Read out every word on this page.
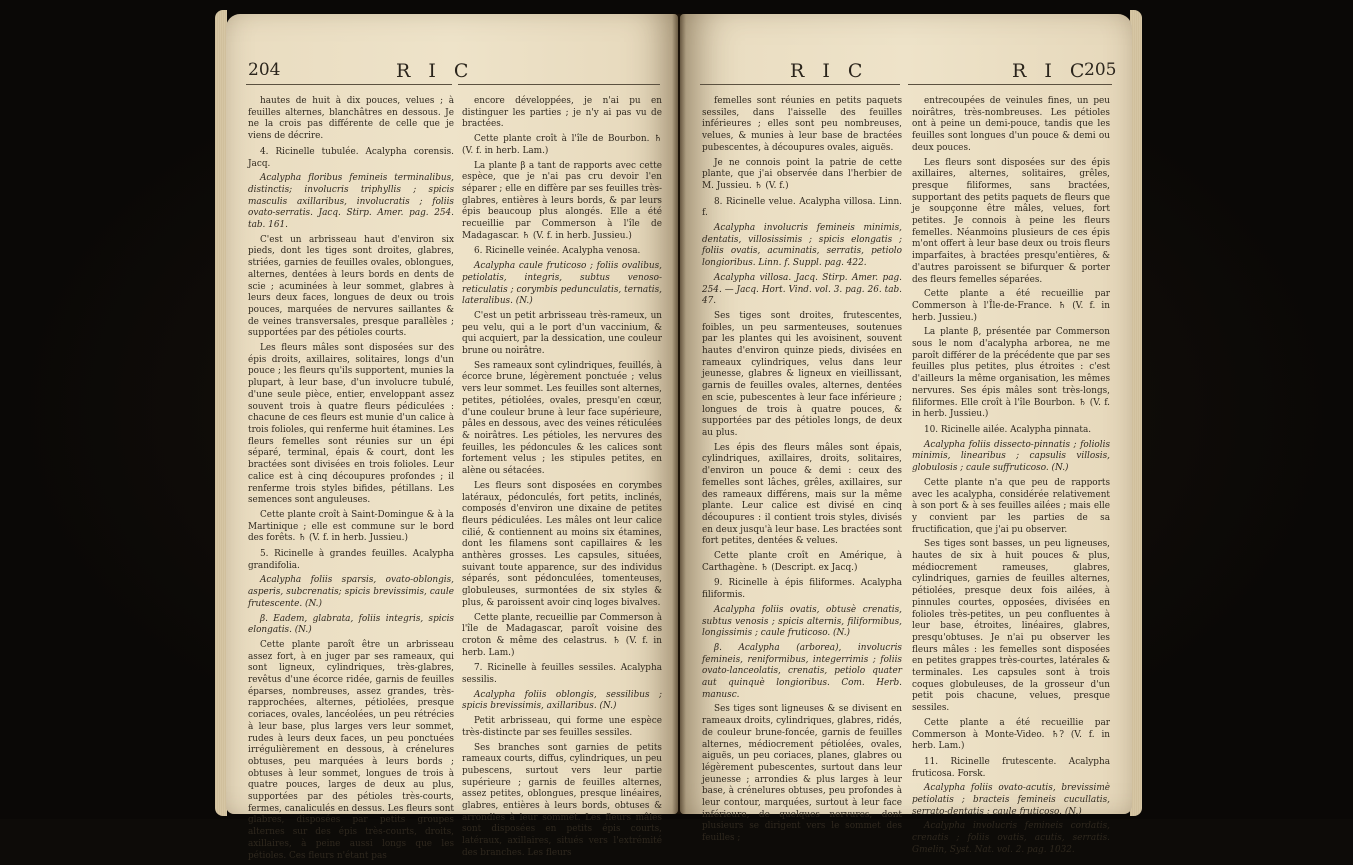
204	R I C

hautes de huit à dix pouces, velues ; à feuilles alternes, blanchâtres en dessous. Je ne la crois pas différente de celle que je viens de décrire.

4. Ricinelle tubulée. Acalypha corensis. Jacq.

Acalypha floribus femineis terminalibus, distinctis; involucris triphyllis ; spicis masculis axillaribus, involucratis ; foliis ovato-serratis. Jacq. Stirp. Amer. pag. 254. tab. 161.

C'est un arbrisseau haut d'environ six pieds, dont les tiges sont droites, glabres, striées, garnies de feuilles ovales, oblongues, alternes, dentées à leurs bords en dents de scie ; acuminées à leur sommet, glabres à leurs deux faces, longues de deux ou trois pouces, marquées de nervures saillantes & de veines transversales, presque parallèles ; supportées par des pétioles courts.

Les fleurs mâles sont disposées sur des épis droits, axillaires, solitaires, longs d'un pouce ; les fleurs qu'ils supportent, munies la plupart, à leur base, d'un involucre tubulé, d'une seule pièce, entier, enveloppant assez souvent trois à quatre fleurs pédiculées : chacune de ces fleurs est munie d'un calice à trois folioles, qui renferme huit étamines. Les fleurs femelles sont réunies sur un épi séparé, terminal, épais & court, dont les bractées sont divisées en trois folioles. Leur calice est à cinq découpures profondes ; il renferme trois styles bifides, pétillans. Les semences sont anguleuses.

Cette plante croît à Saint-Domingue & à la Martinique ; elle est commune sur le bord des forêts. ♄ (V. f. in herb. Jussieu.)

5. Ricinelle à grandes feuilles. Acalypha grandifolia.

Acalypha foliis sparsis, ovato-oblongis, asperis, subcrenatis; spicis brevissimis, caule frutescente. (N.)

β. Eadem, glabrata, foliis integris, spicis elongatis. (N.)

Cette plante paroît être un arbrisseau assez fort, à en juger par ses rameaux, qui sont ligneux, cylindriques, très-glabres, revêtus d'une écorce ridée, garnis de feuilles éparses, nombreuses, assez grandes, très-rapprochées, alternes, pétiolées, presque coriaces, ovales, lancéolées, un peu rétrécies à leur base, plus larges vers leur sommet, rudes à leurs deux faces, un peu ponctuées irrégulièrement en dessous, à crénelures obtuses, peu marquées à leurs bords ; obtuses à leur sommet, longues de trois à quatre pouces, larges de deux au plus, supportées par des pétioles très-courts, fermes, canaliculés en dessus. Les fleurs sont glabres, disposées par petits groupes alternes sur des épis très-courts, droits, axillaires, à peine aussi longs que les pétioles. Ces fleurs n'étant pas

encore développées, je n'ai pu en distinguer les parties ; je n'y ai pas vu de bractées.

Cette plante croît à l'île de Bourbon. ♄ (V. f. in herb. Lam.)

La plante β a tant de rapports avec cette espèce, que je n'ai pas cru devoir l'en séparer ; elle en diffère par ses feuilles très-glabres, entières à leurs bords, & par leurs épis beaucoup plus alongés. Elle a été recueillie par Commerson à l'île de Madagascar. ♄ (V. f. in herb. Jussieu.)

6. Ricinelle veinée. Acalypha venosa.

Acalypha caule fruticoso ; foliis ovalibus, petiolatis, integris, subtus venoso-reticulatis ; corymbis pedunculatis, ternatis, lateralibus. (N.)

C'est un petit arbrisseau très-rameux, un peu velu, qui a le port d'un vaccinium, & qui acquiert, par la dessication, une couleur brune ou noirâtre.

Ses rameaux sont cylindriques, feuillés, à écorce brune, légèrement ponctuée ; velus vers leur sommet. Les feuilles sont alternes, petites, pétiolées, ovales, presqu'en cœur, d'une couleur brune à leur face supérieure, pâles en dessous, avec des veines réticulées & noirâtres. Les pétioles, les nervures des feuilles, les pédoncules & les calices sont fortement velus ; les stipules petites, en alène ou sétacées.

Les fleurs sont disposées en corymbes latéraux, pédonculés, fort petits, inclinés, composés d'environ une dixaine de petites fleurs pédiculées. Les mâles ont leur calice cilié, & contiennent au moins six étamines, dont les filamens sont capillaires & les anthères grosses. Les capsules, situées, suivant toute apparence, sur des individus séparés, sont pédonculées, tomenteuses, globuleuses, surmontées de six styles & plus, & paroissent avoir cinq loges bivalves.

Cette plante, recueillie par Commerson à l'île de Madagascar, paroît voisine des croton & même des celastrus. ♄ (V. f. in herb. Lam.)

7. Ricinelle à feuilles sessiles. Acalypha sessilis.

Acalypha foliis oblongis, sessilibus ; spicis brevissimis, axillaribus. (N.)

Petit arbrisseau, qui forme une espèce très-distincte par ses feuilles sessiles.

Ses branches sont garnies de petits rameaux courts, diffus, cylindriques, un peu pubescens, surtout vers leur partie supérieure ; garnis de feuilles alternes, assez petites, oblongues, presque linéaires, glabres, entières à leurs bords, obtuses & arrondies à leur sommet. Les fleurs mâles sont disposées en petits épis courts, latéraux, axillaires, situés vers l'extrémité des branches. Les fleurs

R I C	R I C
205

femelles sont réunies en petits paquets sessiles, dans l'aisselle des feuilles inférieures ; elles sont peu nombreuses, velues, & munies à leur base de bractées pubescentes, à découpures ovales, aiguës.

Je ne connois point la patrie de cette plante, que j'ai observée dans l'herbier de M. Jussieu. ♄ (V. f.)

8. Ricinelle velue. Acalypha villosa. Linn. f.

Acalypha involucris femineis minimis, dentatis, villosissimis ; spicis elongatis ; foliis ovatis, acuminatis, serratis, petiolo longioribus. Linn. f. Suppl. pag. 422.

Acalypha villosa. Jacq. Stirp. Amer. pag. 254. — Jacq. Hort. Vind. vol. 3. pag. 26. tab. 47.

Ses tiges sont droites, frutescentes, foibles, un peu sarmenteuses, soutenues par les plantes qui les avoisinent, souvent hautes d'environ quinze pieds, divisées en rameaux cylindriques, velus dans leur jeunesse, glabres & ligneux en vieillissant, garnis de feuilles ovales, alternes, dentées en scie, pubescentes à leur face inférieure ; longues de trois à quatre pouces, & supportées par des pétioles longs, de deux au plus.

Les épis des fleurs mâles sont épais, cylindriques, axillaires, droits, solitaires, d'environ un pouce & demi : ceux des femelles sont lâches, grêles, axillaires, sur des rameaux différens, mais sur la même plante. Leur calice est divisé en cinq découpures : il contient trois styles, divisés en deux jusqu'à leur base. Les bractées sont fort petites, dentées & velues.

Cette plante croît en Amérique, à Carthagène. ♄ (Descript. ex Jacq.)

9. Ricinelle à épis filiformes. Acalypha filiformis.

Acalypha foliis ovatis, obtusè crenatis, subtus venosis ; spicis alternis, filiformibus, longissimis ; caule fruticoso. (N.)

β. Acalypha (arborea), involucris femineis, reniformibus, integerrimis ; foliis ovato-lanceolatis, crenatis, petiolo quater aut quinquè longioribus. Com. Herb. manusc.

Ses tiges sont ligneuses & se divisent en rameaux droits, cylindriques, glabres, ridés, de couleur brune-foncée, garnis de feuilles alternes, médiocrement pétiolées, ovales, aiguës, un peu coriaces, planes, glabres ou légèrement pubescentes, surtout dans leur jeunesse ; arrondies & plus larges à leur base, à crénelures obtuses, peu profondes à leur contour, marquées, surtout à leur face inférieure, de quelques nervures, dont plusieurs se dirigent vers le sommet des feuilles ;

entrecoupées de veinules fines, un peu noirâtres, très-nombreuses. Les pétioles ont à peine un demi-pouce, tandis que les feuilles sont longues d'un pouce & demi ou deux pouces.

Les fleurs sont disposées sur des épis axillaires, alternes, solitaires, grêles, presque filiformes, sans bractées, supportant des petits paquets de fleurs que je soupçonne être mâles, velues, fort petites. Je connois à peine les fleurs femelles. Néanmoins plusieurs de ces épis m'ont offert à leur base deux ou trois fleurs imparfaites, à bractées presqu'entières, & d'autres paroissent se bifurquer & porter des fleurs femelles séparées.

Cette plante a été recueillie par Commerson à l'Île-de-France. ♄ (V. f. in herb. Jussieu.)

La plante β, présentée par Commerson sous le nom d'acalypha arborea, ne me paroît différer de la précédente que par ses feuilles plus petites, plus étroites : c'est d'ailleurs la même organisation, les mêmes nervures. Ses épis mâles sont très-longs, filiformes. Elle croît à l'île Bourbon. ♄ (V. f. in herb. Jussieu.)

10. Ricinelle ailée. Acalypha pinnata.

Acalypha foliis dissecto-pinnatis ; foliolis minimis, linearibus ; capsulis villosis, globulosis ; caule suffruticoso. (N.)

Cette plante n'a que peu de rapports avec les acalypha, considérée relativement à son port & à ses feuilles ailées ; mais elle y convient par les parties de sa fructification, que j'ai pu observer.

Ses tiges sont basses, un peu ligneuses, hautes de six à huit pouces & plus, médiocrement rameuses, glabres, cylindriques, garnies de feuilles alternes, pétiolées, presque deux fois ailées, à pinnules courtes, opposées, divisées en folioles très-petites, un peu confluentes à leur base, étroites, linéaires, glabres, presqu'obtuses. Je n'ai pu observer les fleurs mâles : les femelles sont disposées en petites grappes très-courtes, latérales & terminales. Les capsules sont à trois coques globuleuses, de la grosseur d'un petit pois chacune, velues, presque sessiles.

Cette plante a été recueillie par Commerson à Monte-Video. ♄? (V. f. in herb. Lam.)

11. Ricinelle frutescente. Acalypha fruticosa. Forsk.

Acalypha foliis ovato-acutis, brevissimè petiolatis ; bracteis femineis cucullatis, serrato-dentatis ; caule fruticoso. (N.)

Acalypha involucris femineis cordatis, crenatis ; foliis ovatis, acutis, serratis. Gmelin, Syst. Nat. vol. 2. pag. 1032.
